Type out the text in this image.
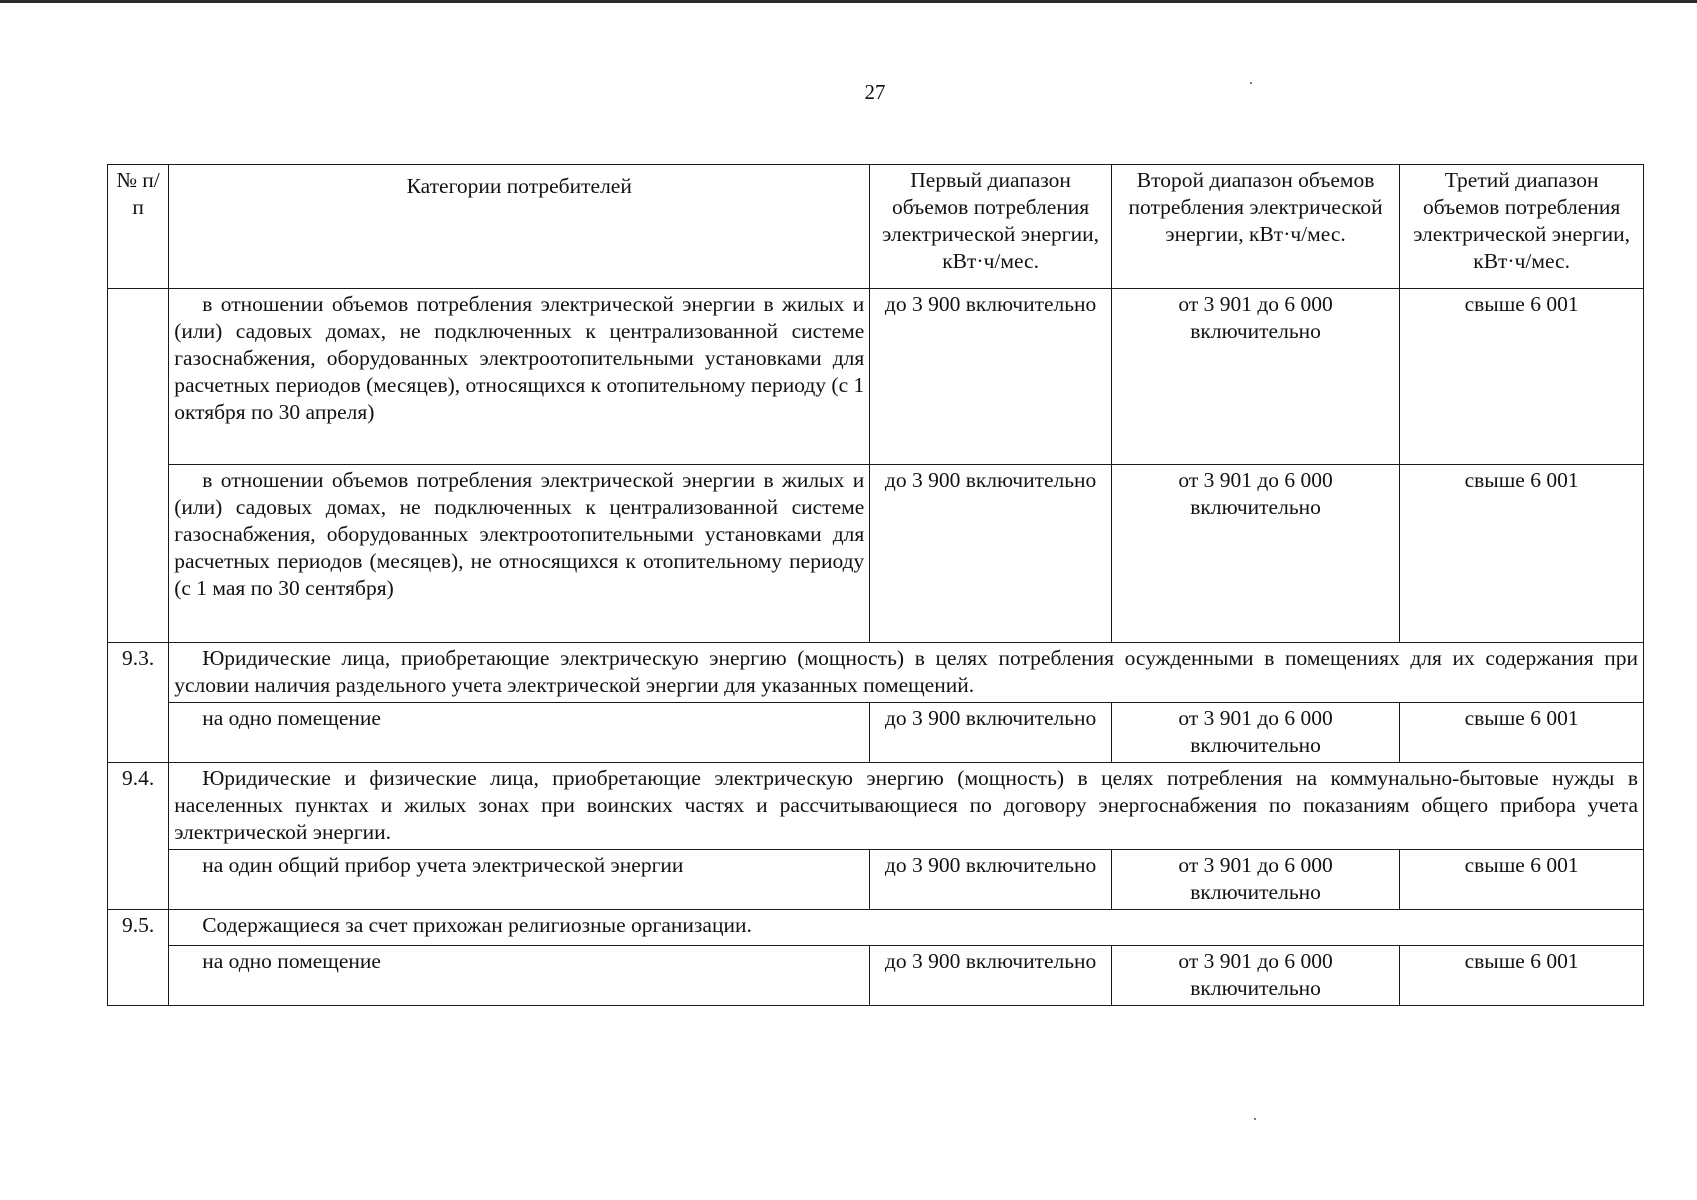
27
№ п/п	Категории потребителей	Первый диапазон объемов потребления электрической энергии, кВт·ч/мес.	Второй диапазон объемов потребления электрической энергии, кВт·ч/мес.	Третий диапазон объемов потребления электрической энергии, кВт·ч/мес.
	в отношении объемов потребления электрической энергии в жилых и (или) садовых домах, не подключенных к централизованной системе газоснабжения, оборудованных электроотопительными установками для расчетных периодов (месяцев), относящихся к отопительному периоду (с 1 октября по 30 апреля)	до 3 900 включительно	от 3 901 до 6 000 включительно	свыше 6 001
	в отношении объемов потребления электрической энергии в жилых и (или) садовых домах, не подключенных к централизованной системе газоснабжения, оборудованных электроотопительными установками для расчетных периодов (месяцев), не относящихся к отопительному периоду (с 1 мая по 30 сентября)	до 3 900 включительно	от 3 901 до 6 000 включительно	свыше 6 001
9.3.	Юридические лица, приобретающие электрическую энергию (мощность) в целях потребления осужденными в помещениях для их содержания при условии наличия раздельного учета электрической энергии для указанных помещений.			
	на одно помещение	до 3 900 включительно	от 3 901 до 6 000 включительно	свыше 6 001
9.4.	Юридические и физические лица, приобретающие электрическую энергию (мощность) в целях потребления на коммунально-бытовые нужды в населенных пунктах и жилых зонах при воинских частях и рассчитывающиеся по договору энергоснабжения по показаниям общего прибора учета электрической энергии.			
	на один общий прибор учета электрической энергии	до 3 900 включительно	от 3 901 до 6 000 включительно	свыше 6 001
9.5.	Содержащиеся за счет прихожан религиозные организации.			
	на одно помещение	до 3 900 включительно	от 3 901 до 6 000 включительно	свыше 6 001
